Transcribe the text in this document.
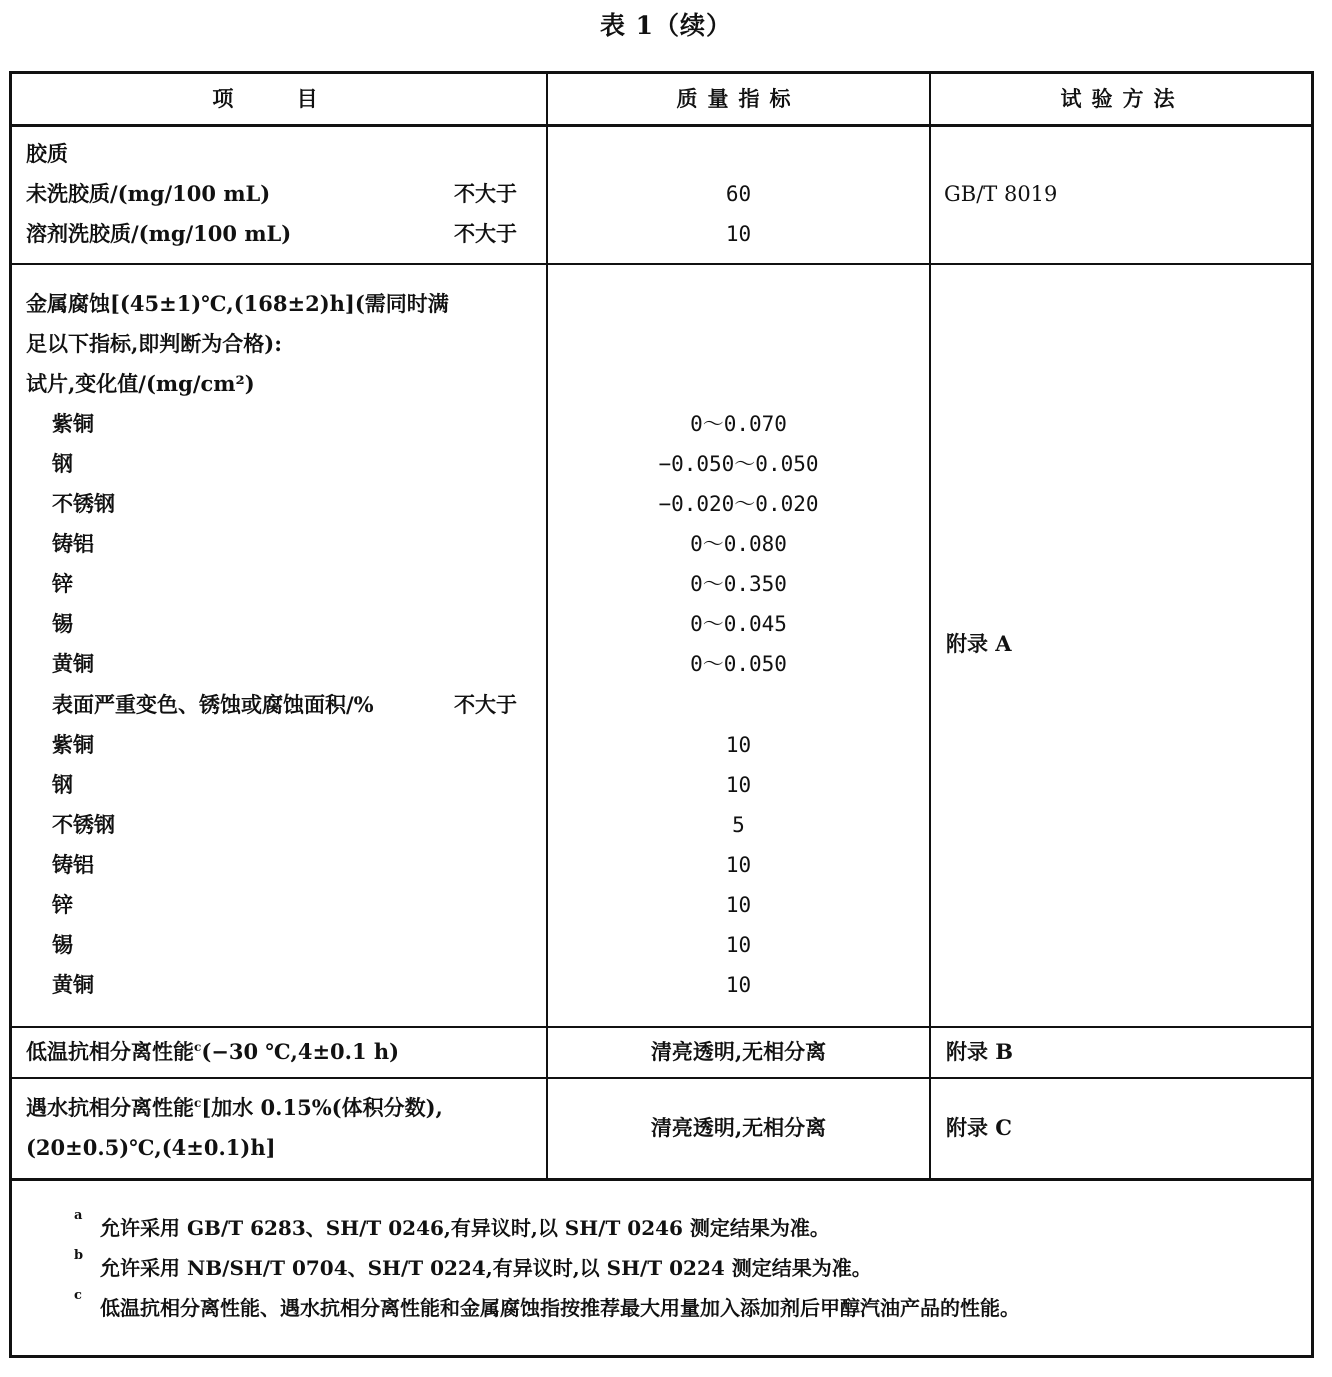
表 1（续）
项 目	质量指标	试验方法
胶质
未洗胶质/(mg/100 mL)	不大于	60	GB/T 8019
溶剂洗胶质/(mg/100 mL)	不大于	10
金属腐蚀[(45±1)℃,(168±2)h](需同时满
足以下指标,即判断为合格):
试片,变化值/(mg/cm²)
紫铜	0～0.070
钢	−0.050～0.050
不锈钢	−0.020～0.020
铸铝	0～0.080
锌	0～0.350
锡	0～0.045
黄铜	0～0.050
附录 A
表面严重变色、锈蚀或腐蚀面积/%	不大于
紫铜	10
钢	10
不锈钢	5
铸铝	10
锌	10
锡	10
黄铜	10
低温抗相分离性能$^c$(−30 ℃,4±0.1 h)	清亮透明,无相分离	附录 B
遇水抗相分离性能$^c$[加水 0.15%(体积分数),
(20±0.5)℃,(4±0.1)h]
清亮透明,无相分离	附录 C
a
允许采用 GB/T 6283、SH/T 0246,有异议时,以 SH/T 0246 测定结果为准。
b
允许采用 NB/SH/T 0704、SH/T 0224,有异议时,以 SH/T 0224 测定结果为准。
c
低温抗相分离性能、遇水抗相分离性能和金属腐蚀指按推荐最大用量加入添加剂后甲醇汽油产品的性能。
